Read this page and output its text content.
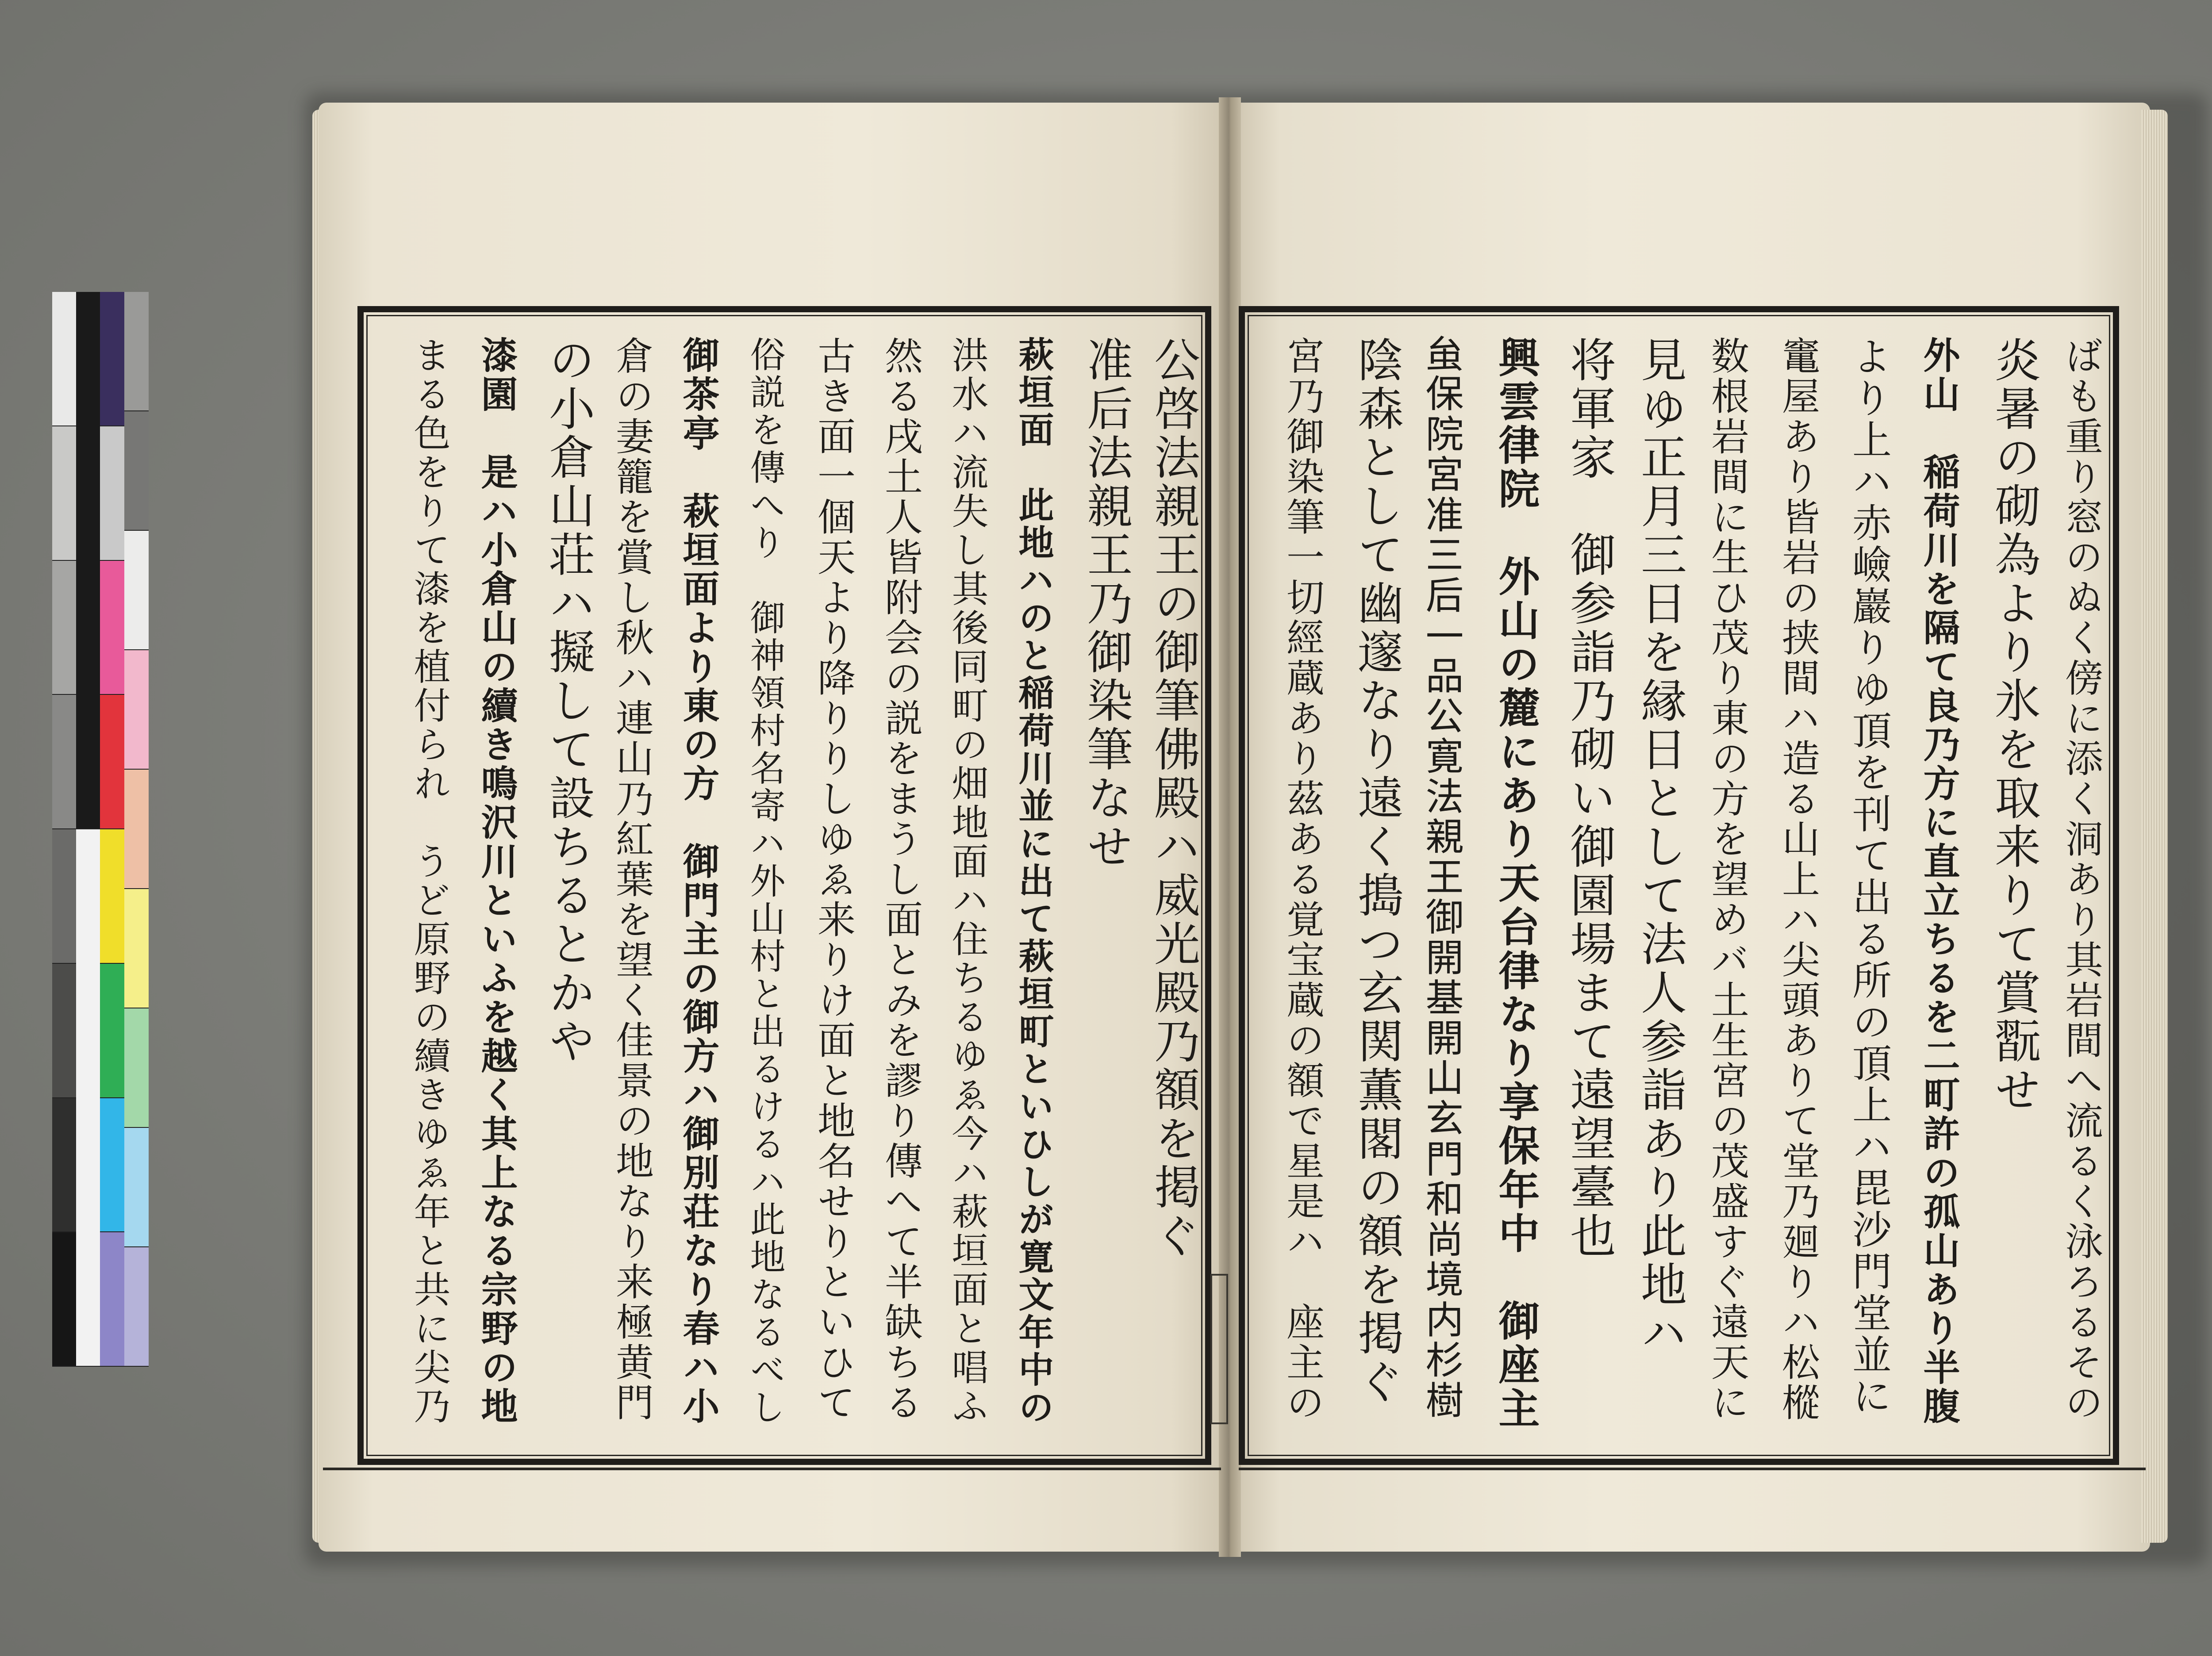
ばも重り窓のぬく傍に添く洞あり其岩間へ流るく泳ろるその
炎暑の砌為より氷を取来りて賞翫せ
外山　稲荷川を隔て良乃方に直立ちるを二町許の孤山あり半腹
より上ハ赤嶮巖りゆ頂を刊て出る所の頂上ハ毘沙門堂並に
竃屋あり皆岩の挟間ハ造る山上ハ尖頭ありて堂乃廻りハ松樅
数根岩間に生ひ茂り東の方を望めバ土生宮の茂盛すぐ遠天に
見ゆ正月三日を縁日として法人参詣あり此地ハ
将軍家　御参詣乃砌い御園場まて遠望臺也
興雲律院　外山の麓にあり天台律なり享保年中　御座主
𧈧保院宮准三后一品公寛法親王御開基開山玄門和尚境内杉樹
陰森として幽邃なり遠く搗つ玄関薫閣の額を掲ぐ
宮乃御染筆一切經蔵あり茲ある覚宝蔵の額で星是ハ　座主の
公啓法親王の御筆佛殿ハ威光殿乃額を掲ぐ
准后法親王乃御染筆なせ
萩垣面　此地ハのと稲荷川並に出て萩垣町といひしが寛文年中の
洪水ハ流失し其後同町の畑地面ハ住ちるゆゑ今ハ萩垣面と唱ふ
然る戌土人皆附会の説をまうし面とみを謬り傳へて半缺ちる
古き面一個天より降りりしゆゑ来りけ面と地名せりといひて
俗説を傳へり　御神領村名寄ハ外山村と出るけるハ此地なるべし
御茶亭　萩垣面より東の方　御門主の御方ハ御別荘なり春ハ小
倉の妻籠を賞し秋ハ連山乃紅葉を望く佳景の地なり来極黄門
の小倉山荘ハ擬して設ちるとかや
漆園　是ハ小倉山の續き鳴沢川といふを越く其上なる宗野の地
まる色をりて漆を植付られ　うど原野の續きゆゑ年と共に尖乃
